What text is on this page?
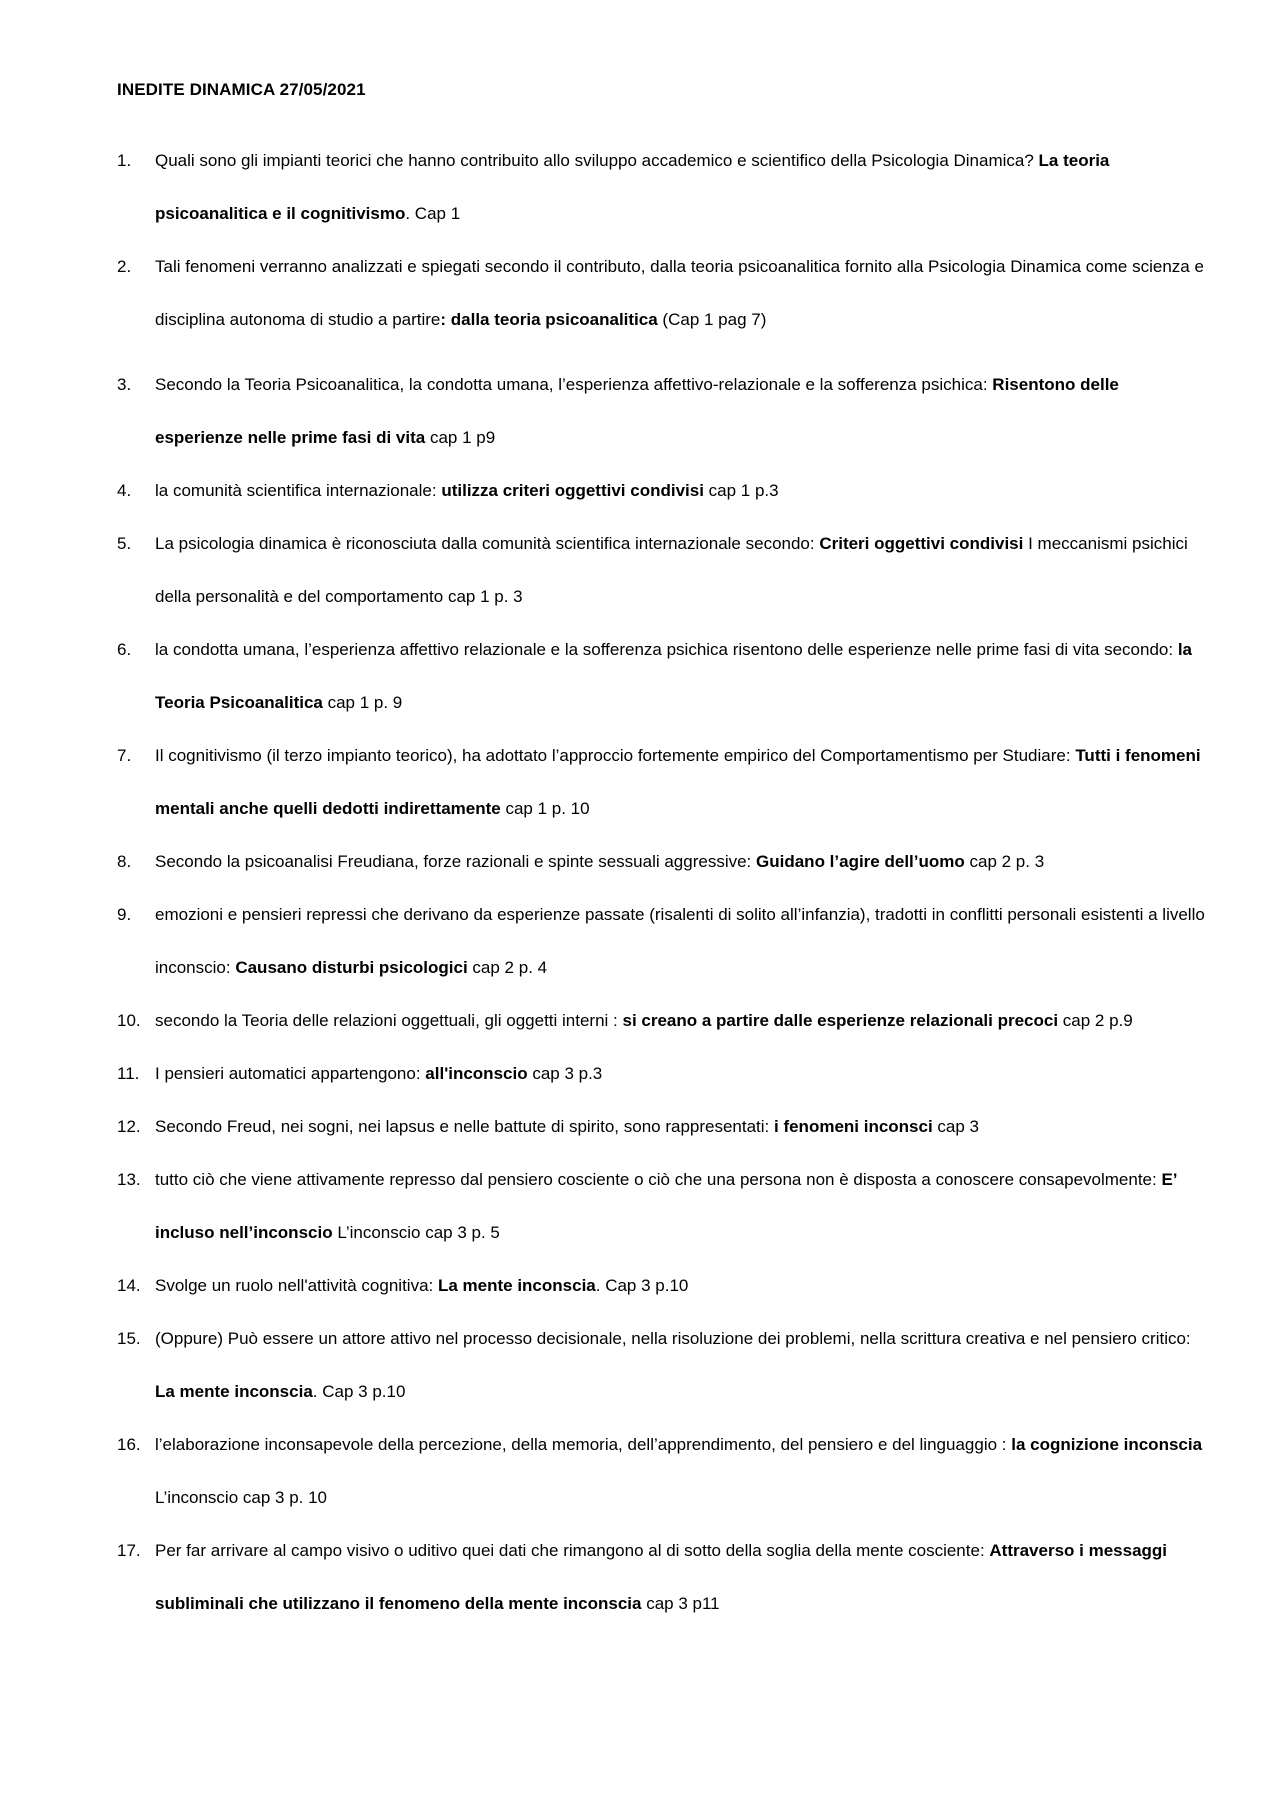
INEDITE DINAMICA 27/05/2021
1.	Quali sono gli impianti teorici che hanno contribuito allo sviluppo accademico e scientifico della Psicologia Dinamica? La teoria psicoanalitica e il cognitivismo. Cap 1
2.	Tali fenomeni verranno analizzati e spiegati secondo il contributo, dalla teoria psicoanalitica fornito alla Psicologia Dinamica come scienza e disciplina autonoma di studio a partire: dalla teoria psicoanalitica (Cap 1 pag 7)
3.	Secondo la Teoria Psicoanalitica, la condotta umana, l’esperienza affettivo-relazionale e la sofferenza psichica: Risentono delle esperienze nelle prime fasi di vita cap 1 p9
4.	la comunità scientifica internazionale: utilizza criteri oggettivi condivisi cap 1 p.3
5.	La psicologia dinamica è riconosciuta dalla comunità scientifica internazionale secondo: Criteri oggettivi condivisi I meccanismi psichici della personalità e del comportamento cap 1 p. 3
6.	la condotta umana, l’esperienza affettivo relazionale e la sofferenza psichica risentono delle esperienze nelle prime fasi di vita secondo: la Teoria Psicoanalitica cap 1 p. 9
7.	Il cognitivismo (il terzo impianto teorico), ha adottato l’approccio fortemente empirico del Comportamentismo per Studiare: Tutti i fenomeni mentali anche quelli dedotti indirettamente cap 1 p. 10
8.	Secondo la psicoanalisi Freudiana, forze razionali e spinte sessuali aggressive: Guidano l’agire dell’uomo cap 2 p. 3
9.	emozioni e pensieri repressi che derivano da esperienze passate (risalenti di solito all’infanzia), tradotti in conflitti personali esistenti a livello inconscio: Causano disturbi psicologici cap 2 p. 4
10. secondo la Teoria delle relazioni oggettuali, gli oggetti interni : si creano a partire dalle esperienze relazionali precoci cap 2 p.9
11. I pensieri automatici appartengono: all'inconscio cap 3 p.3
12. Secondo Freud, nei sogni, nei lapsus e nelle battute di spirito, sono rappresentati: i fenomeni inconsci cap 3
13. tutto ciò che viene attivamente represso dal pensiero cosciente o ciò che una persona non è disposta a conoscere consapevolmente: E’ incluso nell’inconscio L’inconscio cap 3 p. 5
14. Svolge un ruolo nell'attività cognitiva: La mente inconscia. Cap 3 p.10
15. (Oppure) Può essere un attore attivo nel processo decisionale, nella risoluzione dei problemi, nella scrittura creativa e nel pensiero critico: La mente inconscia. Cap 3 p.10
16. l’elaborazione inconsapevole della percezione, della memoria, dell’apprendimento, del pensiero e del linguaggio : la cognizione inconscia L’inconscio cap 3 p. 10
17. Per far arrivare al campo visivo o uditivo quei dati che rimangono al di sotto della soglia della mente cosciente: Attraverso i messaggi subliminali che utilizzano il fenomeno della mente inconscia cap 3 p11
